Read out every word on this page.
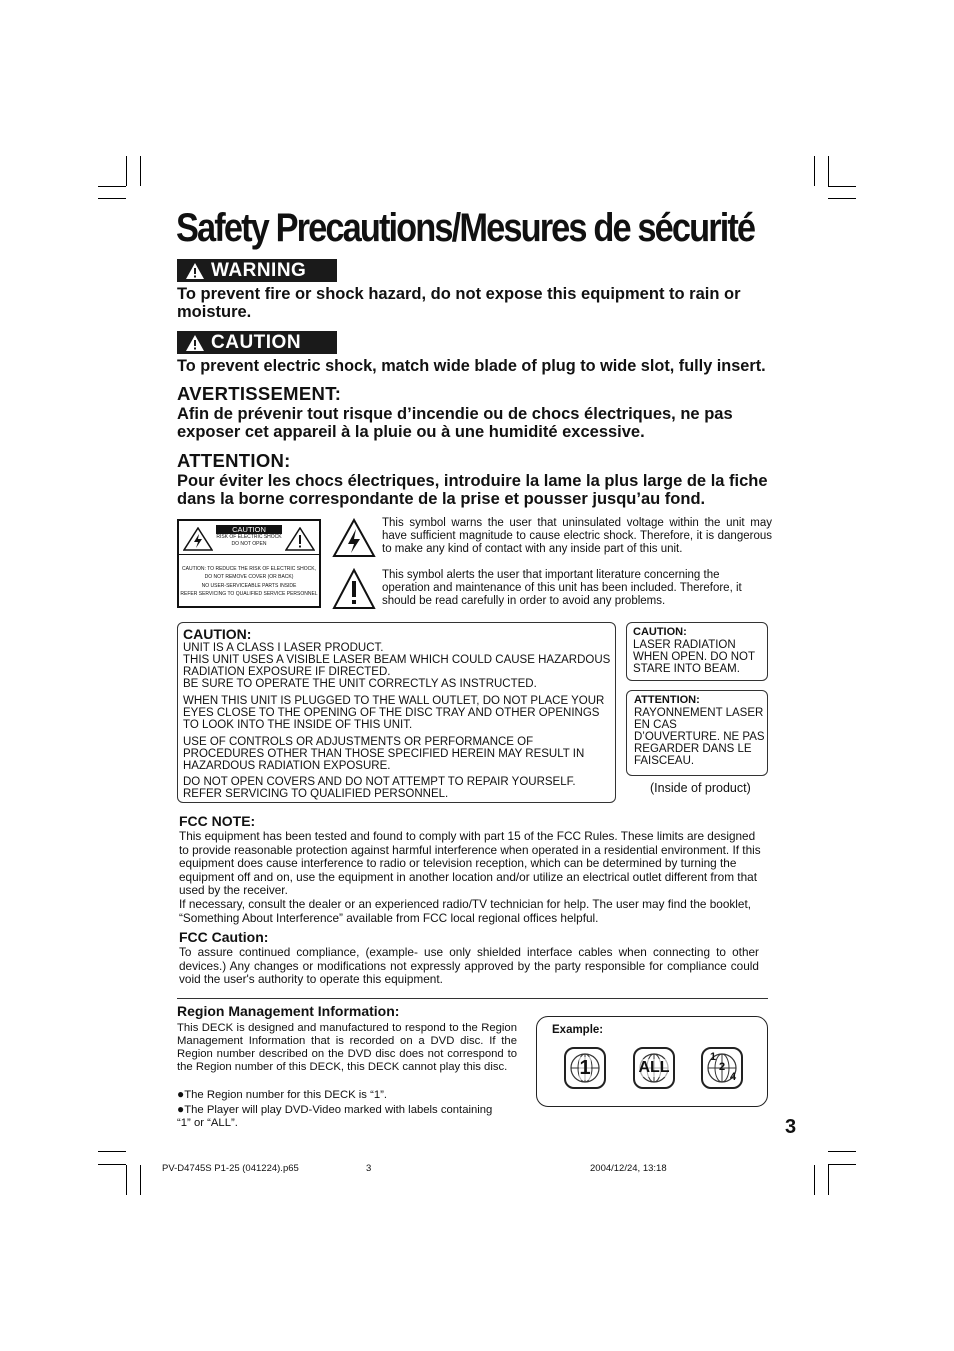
Safety Precautions/Mesures de sécurité
WARNING
To prevent fire or shock hazard, do not expose this equipment to rain or moisture.
CAUTION
To prevent electric shock, match wide blade of plug to wide slot, fully insert.
AVERTISSEMENT:
Afin de prévenir tout risque d’incendie ou de chocs électriques, ne pas exposer cet appareil à la pluie ou à une humidité excessive.
ATTENTION:
Pour éviter les chocs électriques, introduire la lame la plus large de la fiche dans la borne correspondante de la prise et pousser jusqu’au fond.
CAUTION
RISK OF ELECTRIC SHOCK
DO NOT OPEN
CAUTION: TO REDUCE THE RISK OF ELECTRIC SHOCK,
DO NOT REMOVE COVER (OR BACK)
NO USER-SERVICEABLE PARTS INSIDE
REFER SERVICING TO QUALIFIED SERVICE PERSONNEL
This symbol warns the user that uninsulated voltage within the unit may have sufficient magnitude to cause electric shock. Therefore, it is dangerous to make any kind of contact with any inside part of this unit.
This symbol alerts the user that important literature concerning the operation and maintenance of this unit has been included. Therefore, it should be read carefully in order to avoid any problems.
CAUTION:
UNIT IS A CLASS I LASER PRODUCT.
THIS UNIT USES A VISIBLE LASER BEAM WHICH COULD CAUSE HAZARDOUS RADIATION EXPOSURE IF DIRECTED.
BE SURE TO OPERATE THE UNIT CORRECTLY AS INSTRUCTED.
WHEN THIS UNIT IS PLUGGED TO THE WALL OUTLET, DO NOT PLACE YOUR EYES CLOSE TO THE OPENING OF THE DISC TRAY AND OTHER OPENINGS TO LOOK INTO THE INSIDE OF THIS UNIT.
USE OF CONTROLS OR ADJUSTMENTS OR PERFORMANCE OF PROCEDURES OTHER THAN THOSE SPECIFIED HEREIN MAY RESULT IN HAZARDOUS RADIATION EXPOSURE.
DO NOT OPEN COVERS AND DO NOT ATTEMPT TO REPAIR YOURSELF. REFER SERVICING TO QUALIFIED PERSONNEL.
CAUTION:
LASER RADIATION WHEN OPEN. DO NOT STARE INTO BEAM.
ATTENTION:
RAYONNEMENT LASER EN CAS D’OUVERTURE. NE PAS REGARDER DANS LE FAISCEAU.
(Inside of product)
FCC NOTE:
This equipment has been tested and found to comply with part 15 of the FCC Rules. These limits are designed to provide reasonable protection against harmful interference when operated in a residential environment. If this equipment does cause interference to radio or television reception, which can be determined by turning the equipment off and on, use the equipment in another location and/or utilize an electrical outlet different from that used by the receiver.
If necessary, consult the dealer or an experienced radio/TV technician for help. The user may find the booklet, “Something About Interference” available from FCC local regional offices helpful.
FCC Caution:
To assure continued compliance, (example- use only shielded interface cables when connecting to other devices.) Any changes or modifications not expressly approved by the party responsible for compliance could void the user's authority to operate this equipment.
Region Management Information:
This DECK is designed and manufactured to respond to the Region Management Information that is recorded on a DVD disc. If the Region number described on the DVD disc does not correspond to the Region number of this DECK, this DECK cannot play this disc.
●The Region number for this DECK is “1”.
●The Player will play DVD-Video marked with labels containing “1” or “ALL”.
Example:
1	ALL
1
2
4
3
PV-D4745S P1-25 (041224).p65	3	2004/12/24, 13:18
